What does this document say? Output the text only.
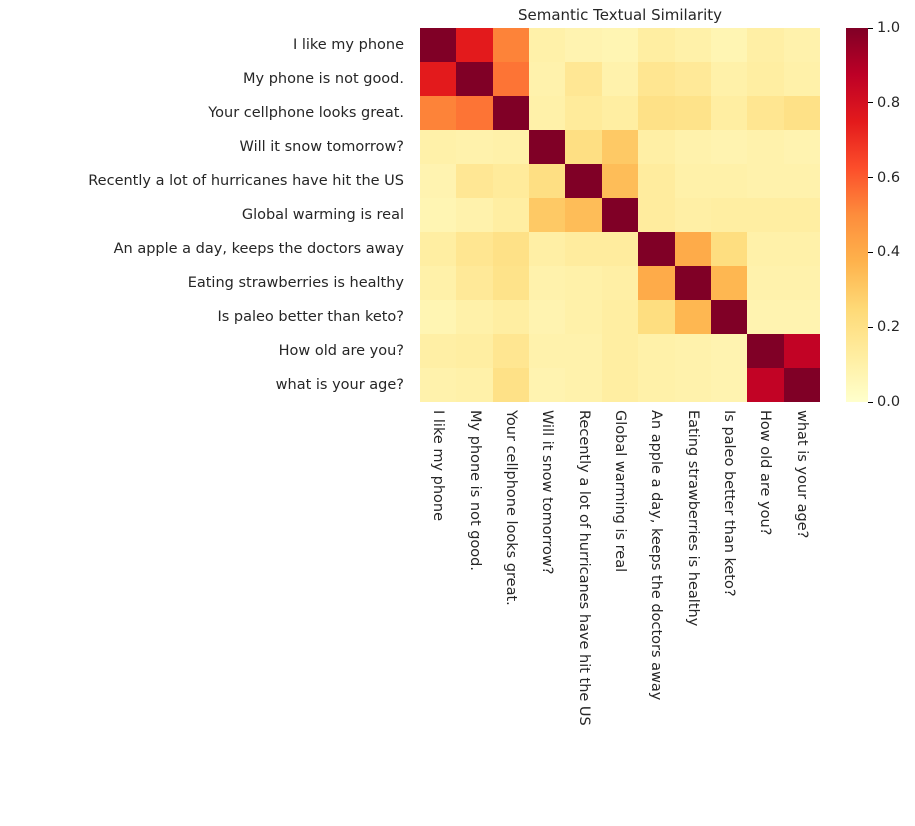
Semantic Textual Similarity
I like my phone
My phone is not good.
Your cellphone looks great.
Will it snow tomorrow?
Recently a lot of hurricanes have hit the US
Global warming is real
An apple a day, keeps the doctors away
Eating strawberries is healthy
Is paleo better than keto?
How old are you?
what is your age?
I like my phone My phone is not good. Your cellphone looks great. Will it snow tomorrow? Recently a lot of hurricanes have hit the US Global warming is real An apple a day, keeps the doctors away Eating strawberries is healthy Is paleo better than keto? How old are you? what is your age?
0.0
0.2
0.4
0.6
0.8
1.0
